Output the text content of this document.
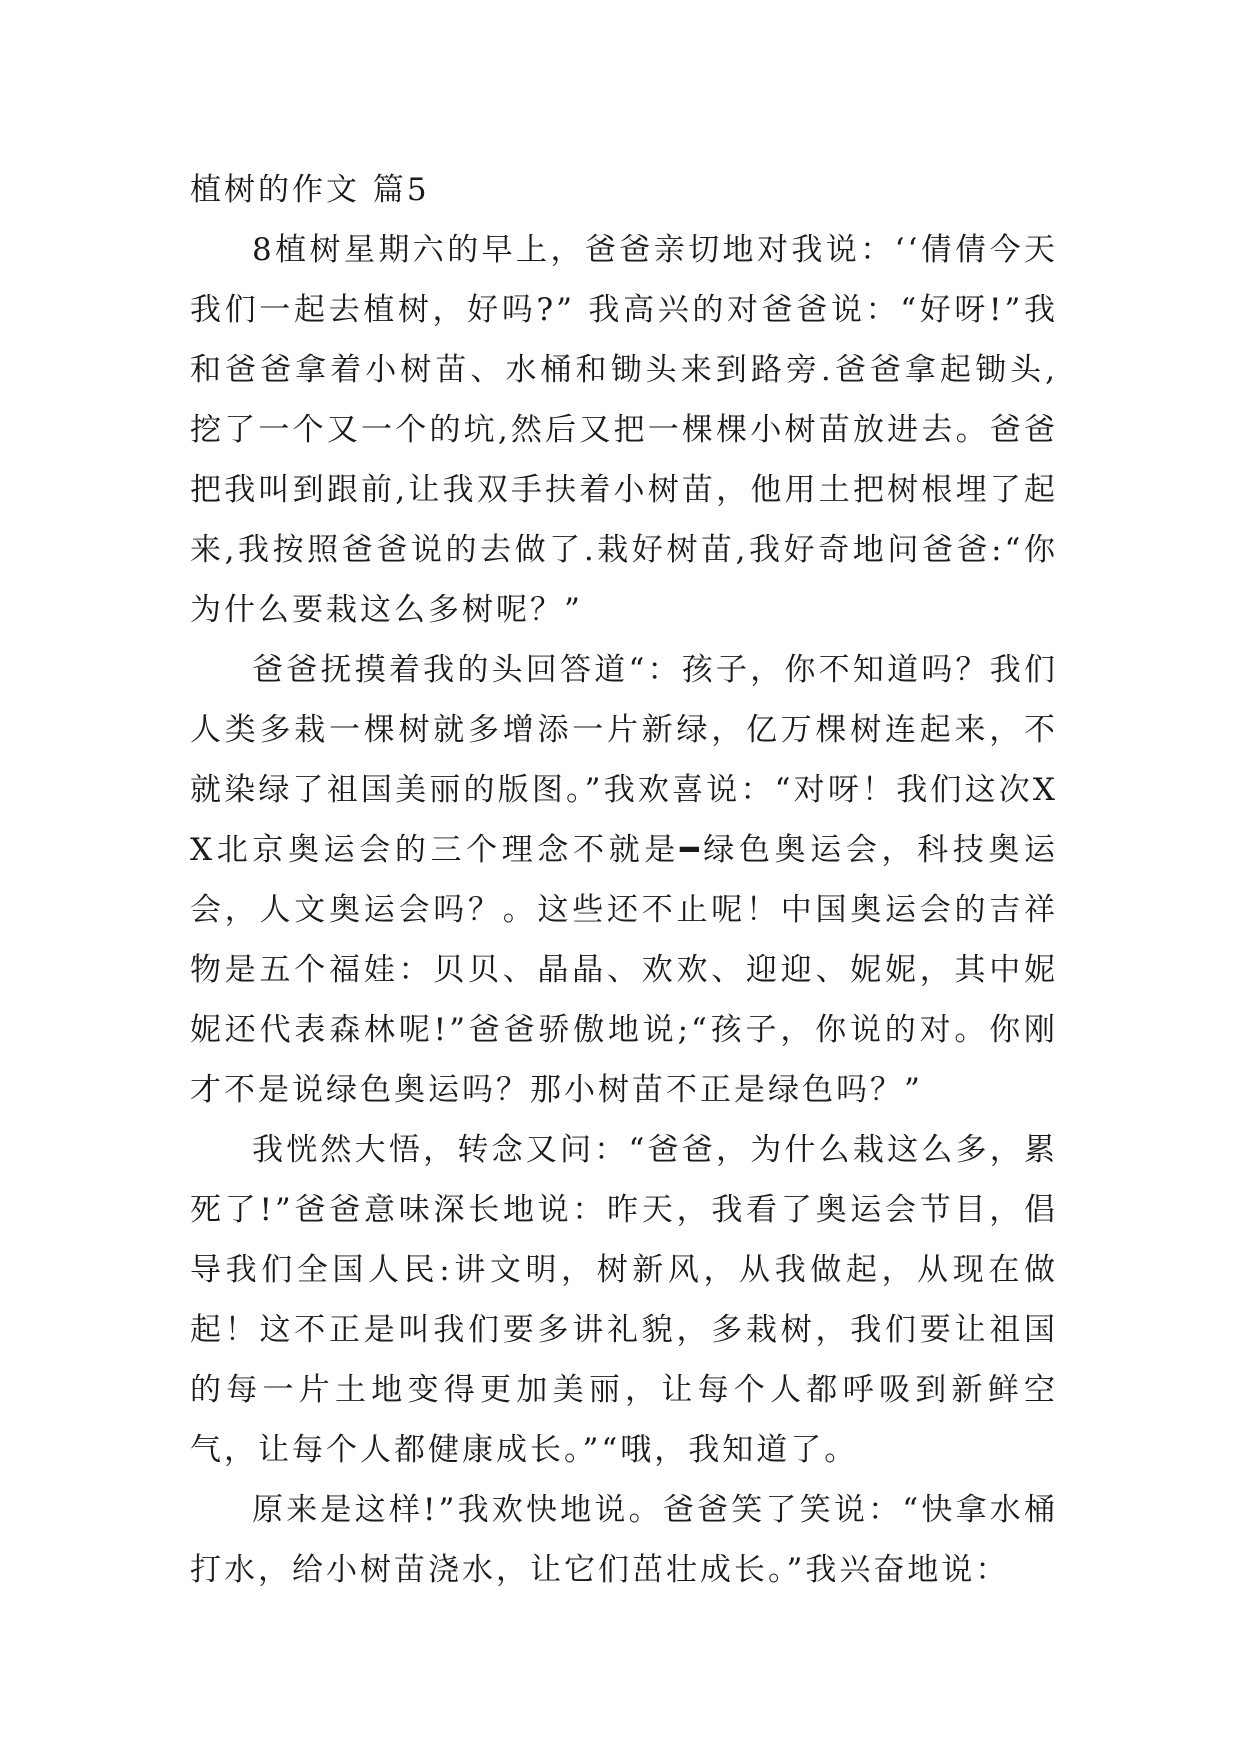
植树的作文 篇5

8植树星期六的早上，爸爸亲切地对我说：‘‘倩倩今天我们一起去植树，好吗?” 我高兴的对爸爸说：“好呀!”我和爸爸拿着小树苗、水桶和锄头来到路旁.爸爸拿起锄头,挖了一个又一个的坑,然后又把一棵棵小树苗放进去。爸爸把我叫到跟前,让我双手扶着小树苗，他用土把树根埋了起来,我按照爸爸说的去做了.栽好树苗,我好奇地问爸爸:“你为什么要栽这么多树呢？”

爸爸抚摸着我的头回答道“：孩子，你不知道吗？我们人类多栽一棵树就多增添一片新绿，亿万棵树连起来，不就染绿了祖国美丽的版图。”我欢喜说：“对呀！我们这次XX北京奥运会的三个理念不就是━绿色奥运会，科技奥运会，人文奥运会吗？。这些还不止呢！中国奥运会的吉祥物是五个福娃：贝贝、晶晶、欢欢、迎迎、妮妮，其中妮妮还代表森林呢!”爸爸骄傲地说;“孩子，你说的对。你刚才不是说绿色奥运吗？那小树苗不正是绿色吗？”

我恍然大悟，转念又问：“爸爸，为什么栽这么多，累死了!”爸爸意味深长地说：昨天，我看了奥运会节目，倡导我们全国人民:讲文明，树新风，从我做起，从现在做起！这不正是叫我们要多讲礼貌，多栽树，我们要让祖国的每一片土地变得更加美丽，让每个人都呼吸到新鲜空气，让每个人都健康成长。”“哦，我知道了。

原来是这样!”我欢快地说。爸爸笑了笑说：“快拿水桶打水，给小树苗浇水，让它们茁壮成长。”我兴奋地说：
